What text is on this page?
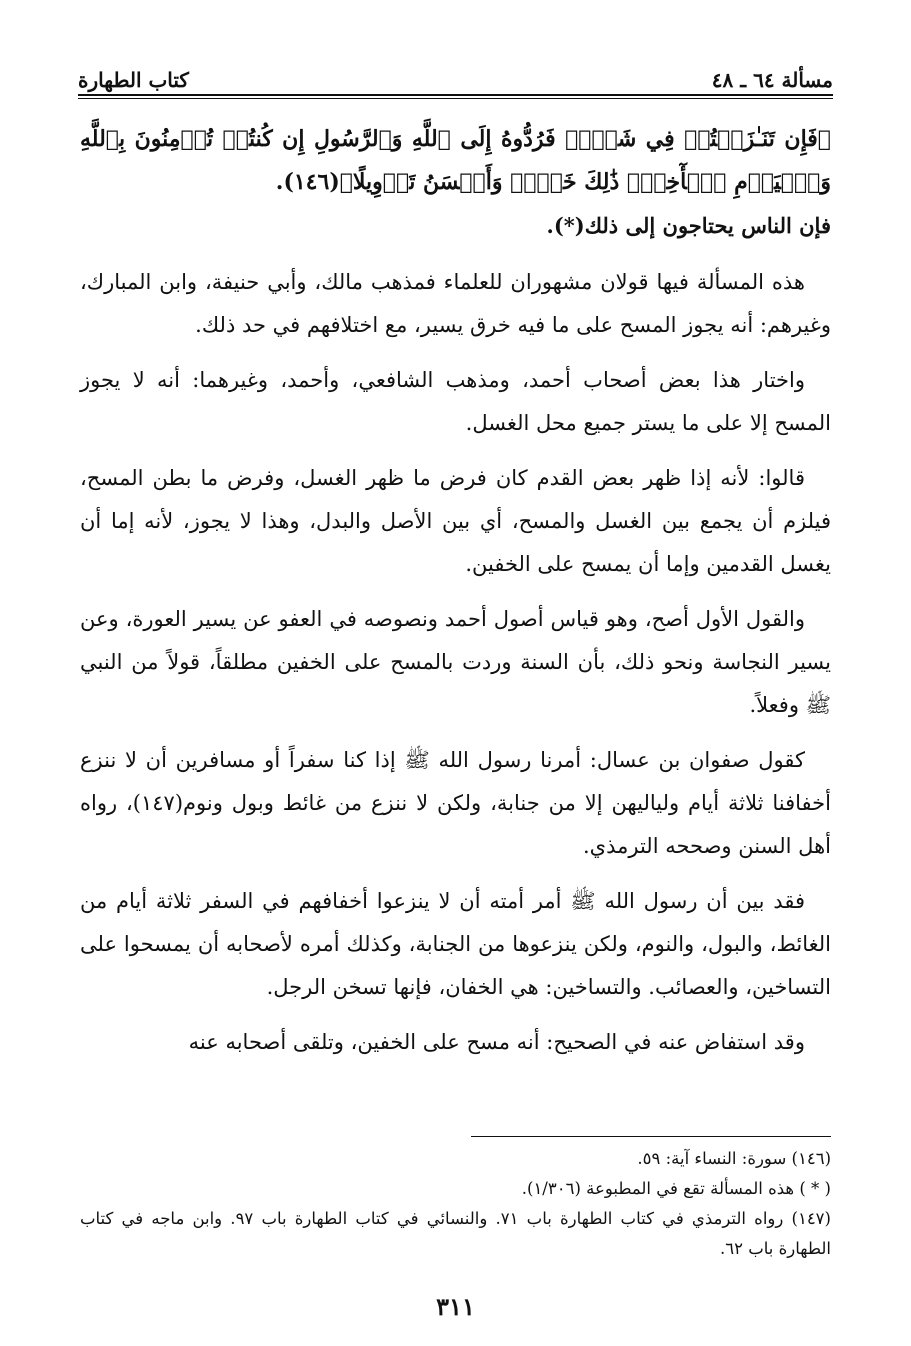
مسألة ٦٤ ـ ٤٨
كتاب الطهارة

﴿فَإِن تَنَـٰزَعۡتُمۡ فِي شَيۡءٖ فَرُدُّوهُ إِلَى ٱللَّهِ وَٱلرَّسُولِ إِن كُنتُمۡ تُؤۡمِنُونَ بِٱللَّهِ وَٱلۡيَوۡمِ ٱلۡأٓخِرِۚ ذَٰلِكَ خَيۡرٞ وَأَحۡسَنُ تَأۡوِيلًا﴾(١٤٦).

فإن الناس يحتاجون إلى ذلك(*).

هذه المسألة فيها قولان مشهوران للعلماء فمذهب مالك، وأبي حنيفة، وابن المبارك، وغيرهم: أنه يجوز المسح على ما فيه خرق يسير، مع اختلافهم في حد ذلك.

واختار هذا بعض أصحاب أحمد، ومذهب الشافعي، وأحمد، وغيرهما: أنه لا يجوز المسح إلا على ما يستر جميع محل الغسل.

قالوا: لأنه إذا ظهر بعض القدم كان فرض ما ظهر الغسل، وفرض ما بطن المسح، فيلزم أن يجمع بين الغسل والمسح، أي بين الأصل والبدل، وهذا لا يجوز، لأنه إما أن يغسل القدمين وإما أن يمسح على الخفين.

والقول الأول أصح، وهو قياس أصول أحمد ونصوصه في العفو عن يسير العورة، وعن يسير النجاسة ونحو ذلك، بأن السنة وردت بالمسح على الخفين مطلقاً، قولاً من النبي ﷺ وفعلاً.

كقول صفوان بن عسال: أمرنا رسول الله ﷺ إذا كنا سفراً أو مسافرين أن لا ننزع أخفافنا ثلاثة أيام ولياليهن إلا من جنابة، ولكن لا ننزع من غائط وبول ونوم(١٤٧)، رواه أهل السنن وصححه الترمذي.

فقد بين أن رسول الله ﷺ أمر أمته أن لا ينزعوا أخفافهم في السفر ثلاثة أيام من الغائط، والبول، والنوم، ولكن ينزعوها من الجنابة، وكذلك أمره لأصحابه أن يمسحوا على التساخين، والعصائب. والتساخين: هي الخفان، فإنها تسخن الرجل.

وقد استفاض عنه في الصحيح: أنه مسح على الخفين، وتلقى أصحابه عنه

(١٤٦) سورة: النساء آية: ٥٩.
( * ) هذه المسألة تقع في المطبوعة (١/٣٠٦).
(١٤٧) رواه الترمذي في كتاب الطهارة باب ٧١. والنسائي في كتاب الطهارة باب ٩٧. وابن ماجه في كتاب الطهارة باب ٦٢.
٣١١
